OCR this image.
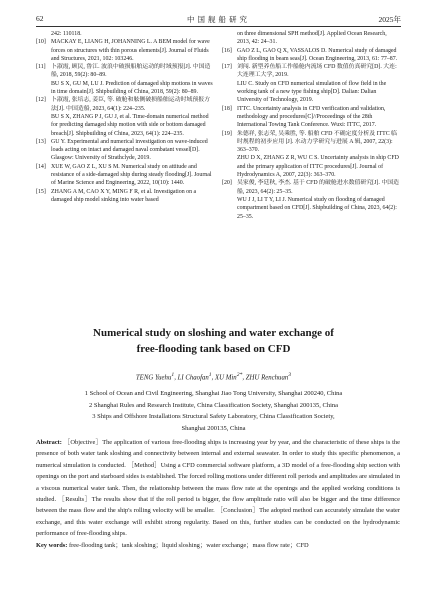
62	中国舰船研究	2025年
242: 110118.
[10] MACKAY E, LIANG H, JOHANNING L. A BEM model for wave forces on structures with thin porous elements[J]. Journal of Fluids and Structures, 2021, 102: 103246.
[11] 卜淑霞, 顾民, 鲁江. 波浪中破损船舶运动的时域预报[J]. 中国造船, 2018, 59(2): 80–89.
BU S X, GU M, LU J. Prediction of damaged ship motions in waves in time domain[J]. Shipbuilding of China, 2018, 59(2): 80–89.
[12] 卜淑霞, 张培志, 姜臣, 等. 破舱和舷侧破损船舶运动时域预报方法[J]. 中国造船, 2023, 64(1): 224–235.
BU S X, ZHANG P J, GU J, et al. Time-domain numerical method for predicting damaged ship motion with side or bottom damaged breach[J]. Shipbuilding of China, 2023, 64(1): 224–235.
[13] GU Y. Experimental and numerical investigation on wave-induced loads acting on intact and damaged naval combatant vessel[D]. Glasgow: University of Strathclyde, 2019.
[14] XUE W, GAO Z L, XU S M. Numerical study on attitude and resistance of a side-damaged ship during steady flooding[J]. Journal of Marine Science and Engineering, 2022, 10(10): 1440.
[15] ZHANG A M, CAO X Y, MING F R, et al. Investigation on a damaged ship model sinking into water based
on three dimensional SPH method[J]. Applied Ocean Research, 2013, 42: 24–31.
[16] GAO Z L, GAO Q X, VASSALOS D. Numerical study of damaged ship flooding in beam seas[J]. Ocean Engineering, 2013, 61: 77–87.
[17] 刘闯. 新型养鱼船工作船舱内流场 CFD 数值仿真研究[D]. 大连: 大连理工大学, 2019.
LIU C. Study on CFD numerical simulation of flow field in the working tank of a new type fishing ship[D]. Dalian: Dalian University of Technology, 2019.
[18] ITTC. Uncertainty analysis in CFD verification and validation, methodology and procedures[C]//Proceedings of the 28th International Towing Tank Conference. Wuxi: ITTC, 2017.
[19] 朱德祥, 张志荣, 吴乘胜, 等. 船舶 CFD 不确定度分析及 ITTC 临时规程的初步应用 [J]. 水动力学研究与进展 A 辑, 2007, 22(3): 363–370.
ZHU D X, ZHANG Z R, WU C S. Uncertainty analysis in ship CFD and the primary application of ITTC procedures[J]. Journal of Hydrodynamics A, 2007, 22(3): 363–370.
[20] 吴家俊, 李廷秋, 李杰. 基于 CFD 的破舱进水数值研究[J]. 中国造船, 2023, 64(2): 25–35.
WU J J, LI T Y, LI J. Numerical study on flooding of damaged compartment based on CFD[J]. Shipbuilding of China, 2023, 64(2): 25–35.
Numerical study on sloshing and water exchange of
free-flooding tank based on CFD
TENG Yuehu$^1$, LI Chaofan$^1$, XU Min$^{2*}$, ZHU Renchuan$^3$
1 School of Ocean and Civil Engineering, Shanghai Jiao Tong University, Shanghai 200240, China
2 Shanghai Rules and Research Institute, China Classification Society, Shanghai 200135, China
3 Ships and Offshore Installations Structural Safety Laboratory, China Classification Society,
Shanghai 200135, China
Abstract: ［Objective］The application of various free-flooding ships is increasing year by year, and the characteristic of these ships is the presence of both water tank sloshing and connectivity between internal and external seawater. In order to study this specific phenomenon, a numerical simulation is conducted. ［Method］Using a CFD commercial software platform, a 3D model of a free-flooding ship section with openings on the port and starboard sides is established. The forced rolling motions under different roll periods and amplitudes are simulated in a viscous numerical water tank. Then, the relationship between the mass flow rate at the openings and the applied working conditions is studied. ［Results］The results show that if the roll period is bigger, the flow amplitude ratio will also be bigger and the time difference between the mass flow and the ship's rolling velocity will be smaller. ［Conclusion］The adopted method can accurately simulate the water exchange, and this water exchange will exhibit strong regularity. Based on this, further studies can be conducted on the hydrodynamic performance of free-flooding ships.
Key words: free-flooding tank；tank sloshing；liquid sloshing；water exchange；mass flow rate；CFD
